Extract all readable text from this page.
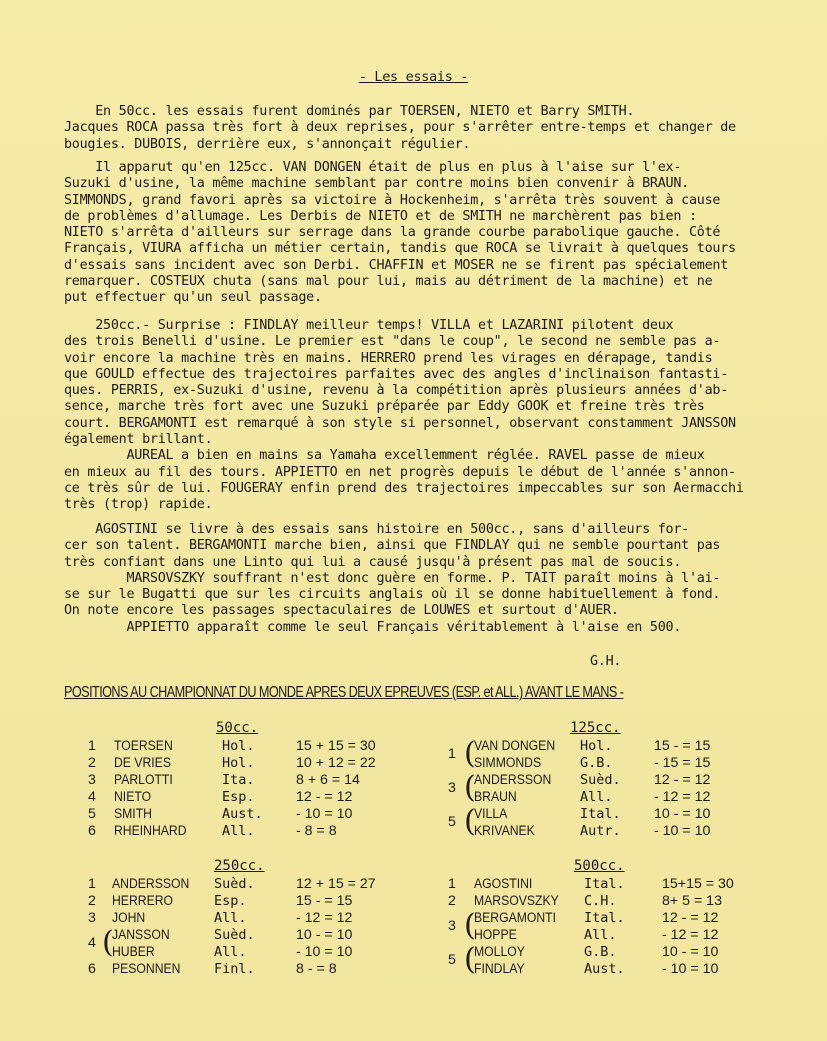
- Les essais -
En 50cc. les essais furent dominés par TOERSEN, NIETO et Barry SMITH.
Jacques ROCA passa très fort à deux reprises, pour s'arrêter entre-temps et changer de
bougies. DUBOIS, derrière eux, s'annonçait régulier.
Il apparut qu'en 125cc. VAN DONGEN était de plus en plus à l'aise sur l'ex-
Suzuki d'usine, la même machine semblant par contre moins bien convenir à BRAUN.
SIMMONDS, grand favori après sa victoire à Hockenheim, s'arrêta très souvent à cause
de problèmes d'allumage. Les Derbis de NIETO et de SMITH ne marchèrent pas bien :
NIETO s'arrêta d'ailleurs sur serrage dans la grande courbe parabolique gauche. Côté
Français, VIURA afficha un métier certain, tandis que ROCA se livrait à quelques tours
d'essais sans incident avec son Derbi. CHAFFIN et MOSER ne se firent pas spécialement
remarquer. COSTEUX chuta (sans mal pour lui, mais au détriment de la machine) et ne
put effectuer qu'un seul passage.
250cc.- Surprise : FINDLAY meilleur temps! VILLA et LAZARINI pilotent deux
des trois Benelli d'usine. Le premier est "dans le coup", le second ne semble pas a-
voir encore la machine très en mains. HERRERO prend les virages en dérapage, tandis
que GOULD effectue des trajectoires parfaites avec des angles d'inclinaison fantasti-
ques. PERRIS, ex-Suzuki d'usine, revenu à la compétition après plusieurs années d'ab-
sence, marche très fort avec une Suzuki préparée par Eddy GOOK et freine très très
court. BERGAMONTI est remarqué à son style si personnel, observant constamment JANSSON
également brillant.
AUREAL a bien en mains sa Yamaha excellemment réglée. RAVEL passe de mieux
en mieux au fil des tours. APPIETTO en net progrès depuis le début de l'année s'annon-
ce très sûr de lui. FOUGERAY enfin prend des trajectoires impeccables sur son Aermacchi
très (trop) rapide.
AGOSTINI se livre à des essais sans histoire en 500cc., sans d'ailleurs for-
cer son talent. BERGAMONTI marche bien, ainsi que FINDLAY qui ne semble pourtant pas
très confiant dans une Linto qui lui a causé jusqu'à présent pas mal de soucis.
MARSOVSZKY souffrant n'est donc guère en forme. P. TAIT paraît moins à l'ai-
se sur le Bugatti que sur les circuits anglais où il se donne habituellement à fond.
On note encore les passages spectaculaires de LOUWES et surtout d'AUER.
APPIETTO apparaît comme le seul Français véritablement à l'aise en 500.
G.H.
POSITIONS AU CHAMPIONNAT DU MONDE APRES DEUX EPREUVES (ESP. et ALL.) AVANT LE MANS -
50cc.
1 TOERSEN	Hol.	15 + 15 = 30
2 DE VRIES	Hol.	10 + 12 = 22
3 PARLOTTI	Ita.	8 + 6 = 14
4 NIETO	Esp.	12 - = 12
5 SMITH	Aust. - 10 = 10
6 RHEINHARD	All.	- 8 = 8
125cc.
1 VAN DONGEN Hol.	15 - = 15
(
SIMMONDS	G.B.	- 15 = 15
3 ANDERSSON Suèd. 12 - = 12
(
BRAUN	All.	- 12 = 12
5 VILLA	Ital. 10 - = 10
(
KRIVANEK	Autr. - 10 = 10
250cc.
1 ANDERSSON Suèd.	12 + 15 = 27
2 HERRERO	Esp.	15 - = 15
3 JOHN	All.	- 12 = 12
4 JANSSON	Suèd.	10 - = 10
(
HUBER	All.	- 10 = 10
6 PESONNEN Finl.	8 - = 8
500cc.
1 AGOSTINI	Ital.	15+15 = 30
2 MARSOVSZKY C.H.	8+ 5 = 13
3 BERGAMONTI Ital.	12 - = 12
(
HOPPE	All.	- 12 = 12
5 MOLLOY	G.B.	10 - = 10
(
FINDLAY	Aust.	- 10 = 10
